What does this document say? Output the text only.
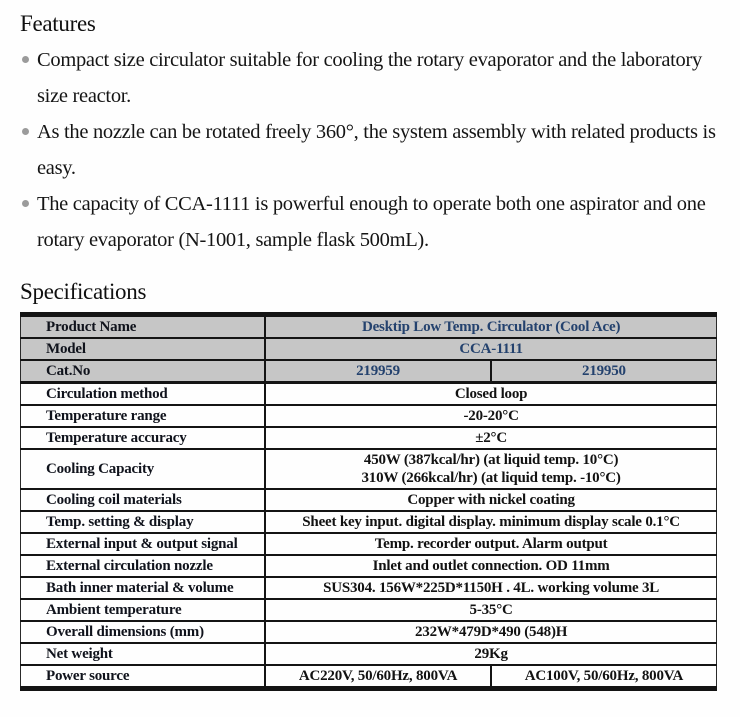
Features
Compact size circulator suitable for cooling the rotary evaporator and the laboratory size reactor.
As the nozzle can be rotated freely 360°, the system assembly with related products is easy.
The capacity of CCA-1111 is powerful enough to operate both one aspirator and one rotary evaporator (N-1001, sample flask 500mL).
Specifications
Product Name	Desktip Low Temp. Circulator (Cool Ace)	
Model	CCA-1111	
Cat.No	219959	219950
Circulation method	Closed loop	
Temperature range	-20-20°C	
Temperature accuracy	±2°C	
Cooling Capacity	450W (387kcal/hr) (at liquid temp. 10°C)
310W (266kcal/hr) (at liquid temp. -10°C)	

Cooling coil materials	Copper with nickel coating	
Temp. setting & display	Sheet key input. digital display. minimum display scale 0.1°C	
External input & output signal	Temp. recorder output. Alarm output	
External circulation nozzle	Inlet and outlet connection. OD 11mm	
Bath inner material & volume	SUS304. 156W*225D*1150H . 4L. working volume 3L	
Ambient temperature	5-35°C	
Overall dimensions (mm)	232W*479D*490 (548)H	
Net weight	29Kg	
Power source	AC220V, 50/60Hz, 800VA	AC100V, 50/60Hz, 800VA
